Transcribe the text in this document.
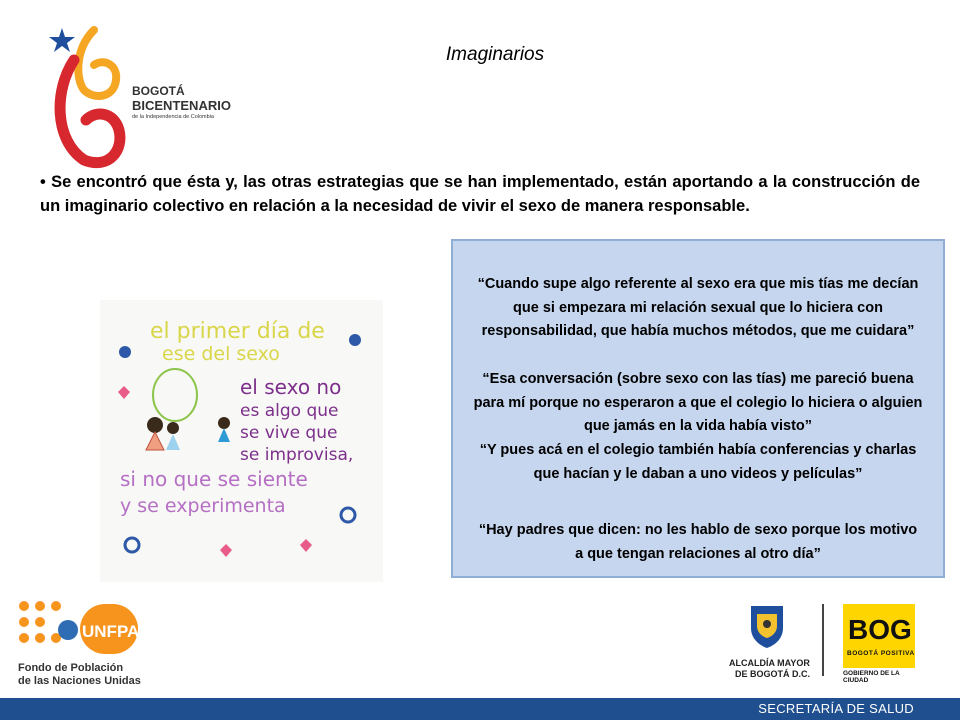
BOGOTÁ
BICENTENARIO
de la Independencia de Colombia
Imaginarios
• Se encontró que ésta y, las otras estrategias que se han implementado, están aportando a la construcción de un imaginario colectivo en relación a la necesidad de vivir el sexo de manera responsable.
el primer día de
ese del sexo
el sexo no
es algo que
se vive que
se improvisa,
si no que se siente
y se experimenta
“Cuando supe algo referente al sexo era que mis tías me decían que si empezara mi relación sexual que lo hiciera con responsabilidad, que había muchos métodos, que me cuidara”
“Esa conversación (sobre sexo con las tías) me pareció buena para mí porque no esperaron a que el colegio lo hiciera o alguien que jamás en la vida había visto”
“Y pues acá en el colegio también había conferencias y charlas que hacían y le daban a uno videos y películas”
“Hay padres que dicen: no les hablo de sexo porque los motivo a que tengan relaciones al otro día”
UNFPA
Fondo de Población
de las Naciones Unidas
ALCALDÍA MAYOR
DE BOGOTÁ D.C.
BOG
BOGOTÁ POSITIVA
GOBIERNO DE LA CIUDAD
SECRETARÍA DE SALUD
